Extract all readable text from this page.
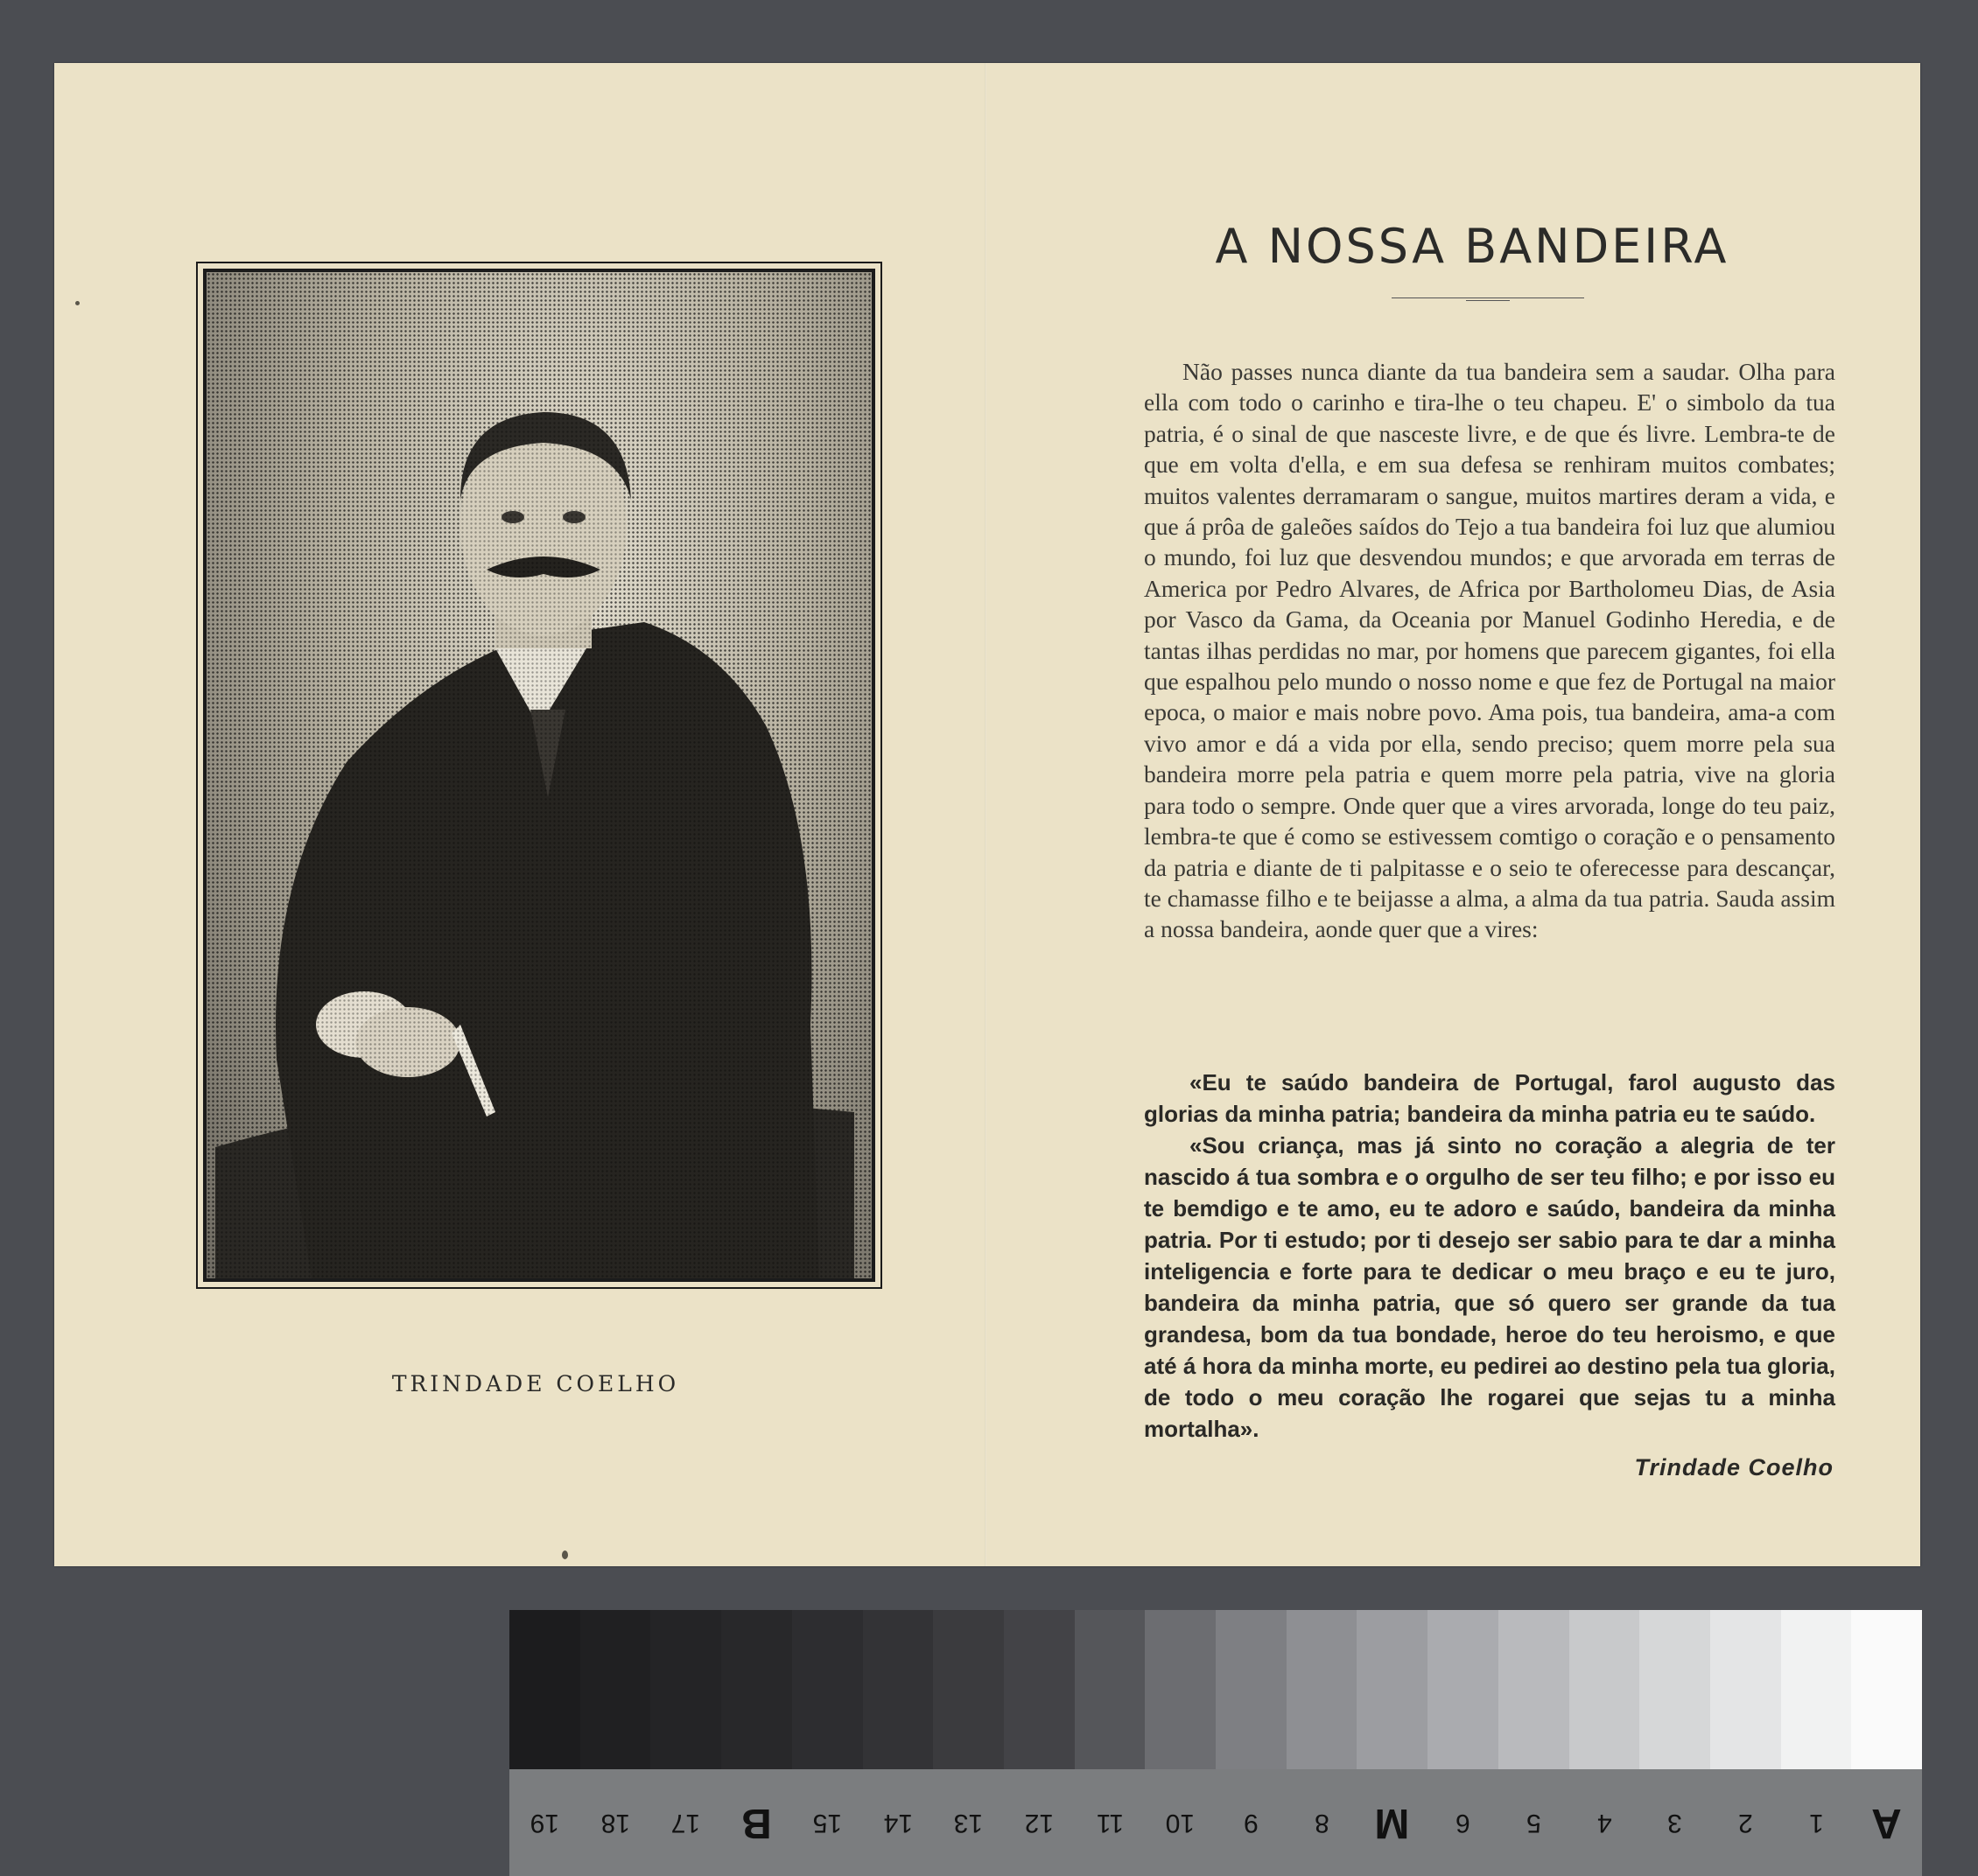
TRINDADE COELHO
A NOSSA BANDEIRA

Não passes nunca diante da tua bandeira sem a saudar. Olha para ella com todo o carinho e tira-lhe o teu chapeu. E' o simbolo da tua patria, é o sinal de que nasceste livre, e de que és livre. Lembra-te de que em volta d'ella, e em sua defesa se renhiram muitos combates; muitos valentes derramaram o sangue, muitos martires deram a vida, e que á prôa de galeões saídos do Tejo a tua bandeira foi luz que alumiou o mundo, foi luz que desvendou mundos; e que arvorada em terras de America por Pedro Alvares, de Africa por Bartholomeu Dias, de Asia por Vasco da Gama, da Oceania por Manuel Godinho Heredia, e de tantas ilhas perdidas no mar, por homens que parecem gigantes, foi ella que espalhou pelo mundo o nosso nome e que fez de Portugal na maior epoca, o maior e mais nobre povo. Ama pois, tua bandeira, ama-a com vivo amor e dá a vida por ella, sendo preciso; quem morre pela sua bandeira morre pela patria e quem morre pela patria, vive na gloria para todo o sempre. Onde quer que a vires arvorada, longe do teu paiz, lembra-te que é como se estivessem comtigo o coração e o pensamento da patria e diante de ti palpitasse e o seio te oferecesse para descançar, te chamasse filho e te beijasse a alma, a alma da tua patria. Sauda assim a nossa bandeira, aonde quer que a vires:

«Eu te saúdo bandeira de Portugal, farol augusto das glorias da minha patria; bandeira da minha patria eu te saúdo.

«Sou criança, mas já sinto no coração a alegria de ter nascido á tua sombra e o orgulho de ser teu filho; e por isso eu te bemdigo e te amo, eu te adoro e saúdo, bandeira da minha patria. Por ti estudo; por ti desejo ser sabio para te dar a minha inteligencia e forte para te dedicar o meu braço e eu te juro, bandeira da minha patria, que só quero ser grande da tua grandesa, bom da tua bondade, heroe do teu heroismo, e que até á hora da minha morte, eu pedirei ao destino pela tua gloria, de todo o meu coração lhe rogarei que sejas tu a minha mortalha».

Trindade Coelho
19	18	17 B	15	14	13	12	11	10	9	8	M	6	5	4	3	2	1	A
